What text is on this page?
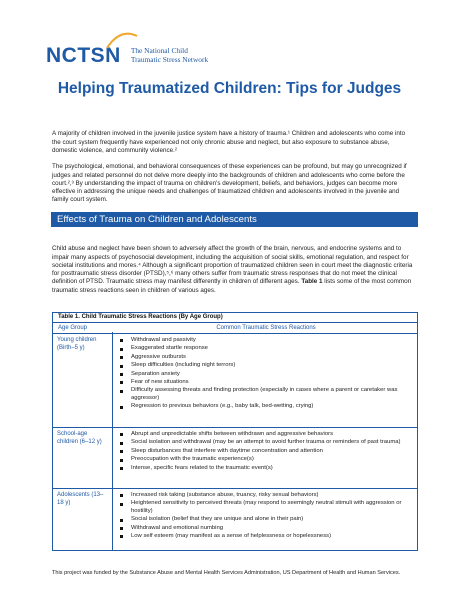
NCTSN The National Child
Traumatic Stress Network
Helping Traumatized Children: Tips for Judges

A majority of children involved in the juvenile justice system have a history of trauma.¹ Children and adolescents who come into the court system frequently have experienced not only chronic abuse and neglect, but also exposure to substance abuse, domestic violence, and community violence.²

The psychological, emotional, and behavioral consequences of these experiences can be profound, but may go unrecognized if judges and related personnel do not delve more deeply into the backgrounds of children and adolescents who come before the court.²,³ By understanding the impact of trauma on children's development, beliefs, and behaviors, judges can become more effective in addressing the unique needs and challenges of traumatized children and adolescents involved in the juvenile and family court system.

Effects of Trauma on Children and Adolescents

Child abuse and neglect have been shown to adversely affect the growth of the brain, nervous, and endocrine systems and to impair many aspects of psychosocial development, including the acquisition of social skills, emotional regulation, and respect for societal institutions and mores.⁴ Although a significant proportion of traumatized children seen in court meet the diagnostic criteria for posttraumatic stress disorder (PTSD),⁵,⁶ many others suffer from traumatic stress responses that do not meet the clinical definition of PTSD. Traumatic stress may manifest differently in children of different ages. Table 1 lists some of the most common traumatic stress reactions seen in children of various ages.

Table 1. Child Traumatic Stress Reactions (By Age Group)
Age Group	Common Traumatic Stress Reactions
Young children (Birth–5 y)
Withdrawal and passivity
Exaggerated startle response
Aggressive outbursts
Sleep difficulties (including night terrors)
Separation anxiety
Fear of new situations
Difficulty assessing threats and finding protection (especially in cases where a parent or caretaker was aggressor)
Regression to previous behaviors (e.g., baby talk, bed-wetting, crying)
School-age children (6–12 y)
Abrupt and unpredictable shifts between withdrawn and aggressive behaviors
Social isolation and withdrawal (may be an attempt to avoid further trauma or reminders of past trauma)
Sleep disturbances that interfere with daytime concentration and attention
Preoccupation with the traumatic experience(s)
Intense, specific fears related to the traumatic event(s)
Adolescents (13–18 y)
Increased risk taking (substance abuse, truancy, risky sexual behaviors)
Heightened sensitivity to perceived threats (may respond to seemingly neutral stimuli with aggression or hostility)
Social isolation (belief that they are unique and alone in their pain)
Withdrawal and emotional numbing
Low self esteem (may manifest as a sense of helplessness or hopelessness)

This project was funded by the Substance Abuse and Mental Health Services Administration, US Department of Health and Human Services.
